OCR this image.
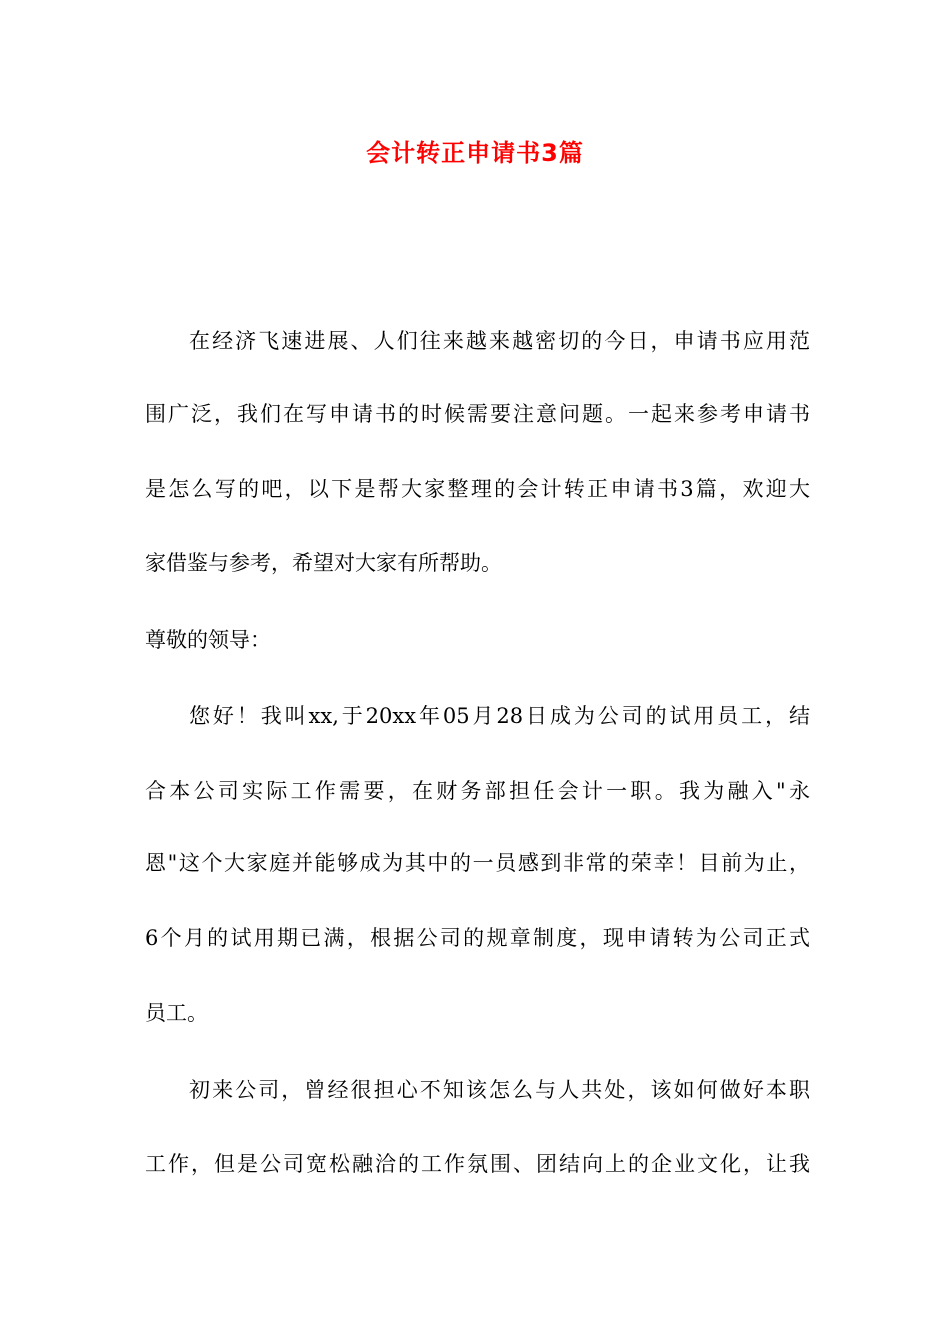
会计转正申请书3篇

在经济飞速进展、人们往来越来越密切的今日，申请书应用范

围广泛，我们在写申请书的时候需要注意问题。一起来参考申请书

是怎么写的吧，以下是帮大家整理的会计转正申请书3篇，欢迎大

家借鉴与参考，希望对大家有所帮助。

尊敬的领导：

您好！我叫xx,于20xx年05月28日成为公司的试用员工，结

合本公司实际工作需要，在财务部担任会计一职。我为融入"永

恩"这个大家庭并能够成为其中的一员感到非常的荣幸！目前为止，

6个月的试用期已满，根据公司的规章制度，现申请转为公司正式

员工。

初来公司，曾经很担心不知该怎么与人共处，该如何做好本职

工作，但是公司宽松融洽的工作氛围、团结向上的企业文化，让我
